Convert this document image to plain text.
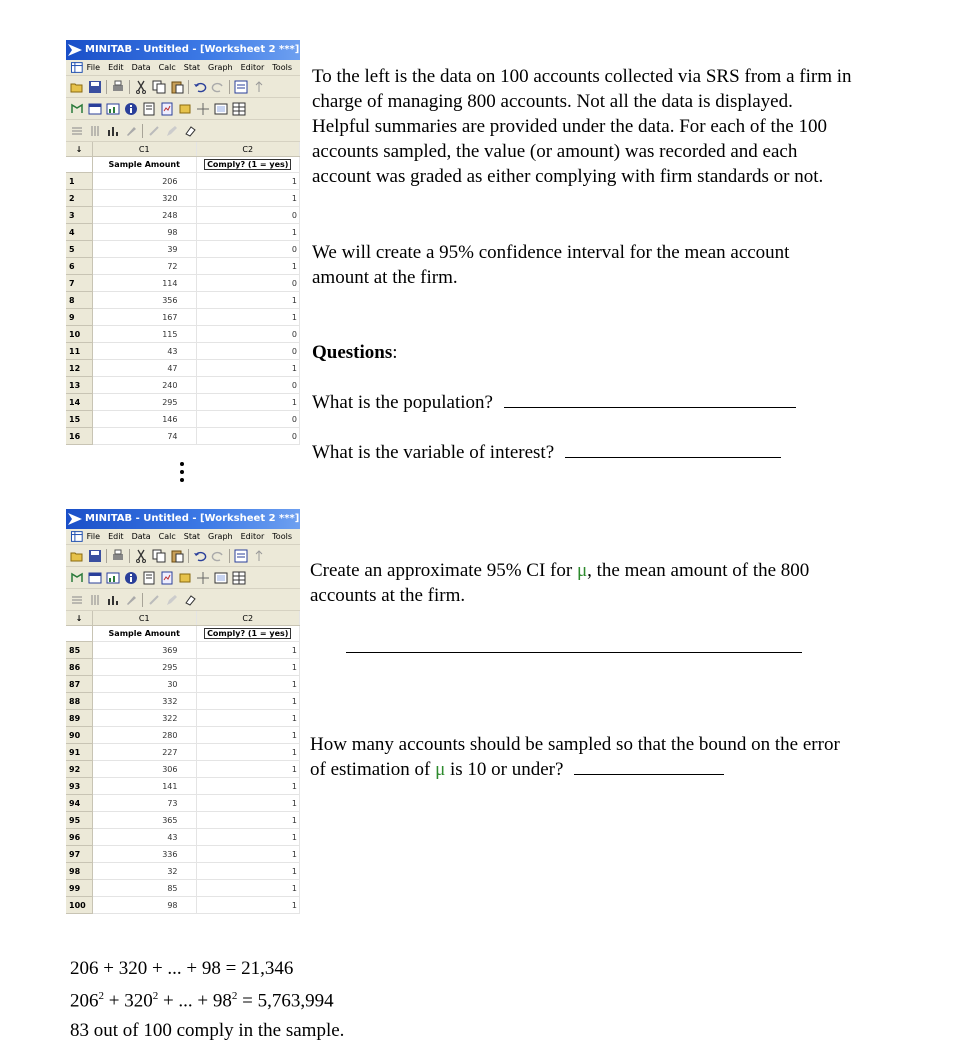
MINITAB - Untitled - [Worksheet 2 ***]
File Edit Data Calc Stat Graph Editor Tools
↓	C1	C2
	Sample Amount	Comply? (1 = yes)
1	206	1
2	320	1
3	248	0
4	98	1
5	39	0
6	72	1
7	114	0
8	356	1
9	167	1
10	115	0
11	43	0
12	47	1
13	240	0
14	295	1
15	146	0
16	74	0
MINITAB - Untitled - [Worksheet 2 ***]
File Edit Data Calc Stat Graph Editor Tools
↓	C1	C2
	Sample Amount	Comply? (1 = yes)
85	369	1
86	295	1
87	30	1
88	332	1
89	322	1
90	280	1
91	227	1
92	306	1
93	141	1
94	73	1
95	365	1
96	43	1
97	336	1
98	32	1
99	85	1
100	98	1
To the left is the data on 100 accounts collected via SRS from a firm in charge of managing 800 accounts. Not all the data is displayed. Helpful summaries are provided under the data. For each of the 100 accounts sampled, the value (or amount) was recorded and each account was graded as either complying with firm standards or not.
We will create a 95% confidence interval for the mean account amount at the firm.
Questions:
What is the population?
What is the variable of interest?
Create an approximate 95% CI for μ, the mean amount of the 800 accounts at the firm.
How many accounts should be sampled so that the bound on the error of estimation of μ is 10 or under?
206 + 320 + ... + 98 = 21,346
$206^2 + 320^2$ + ... + $98^2 = 5,763,994$
83 out of 100 comply in the sample.
